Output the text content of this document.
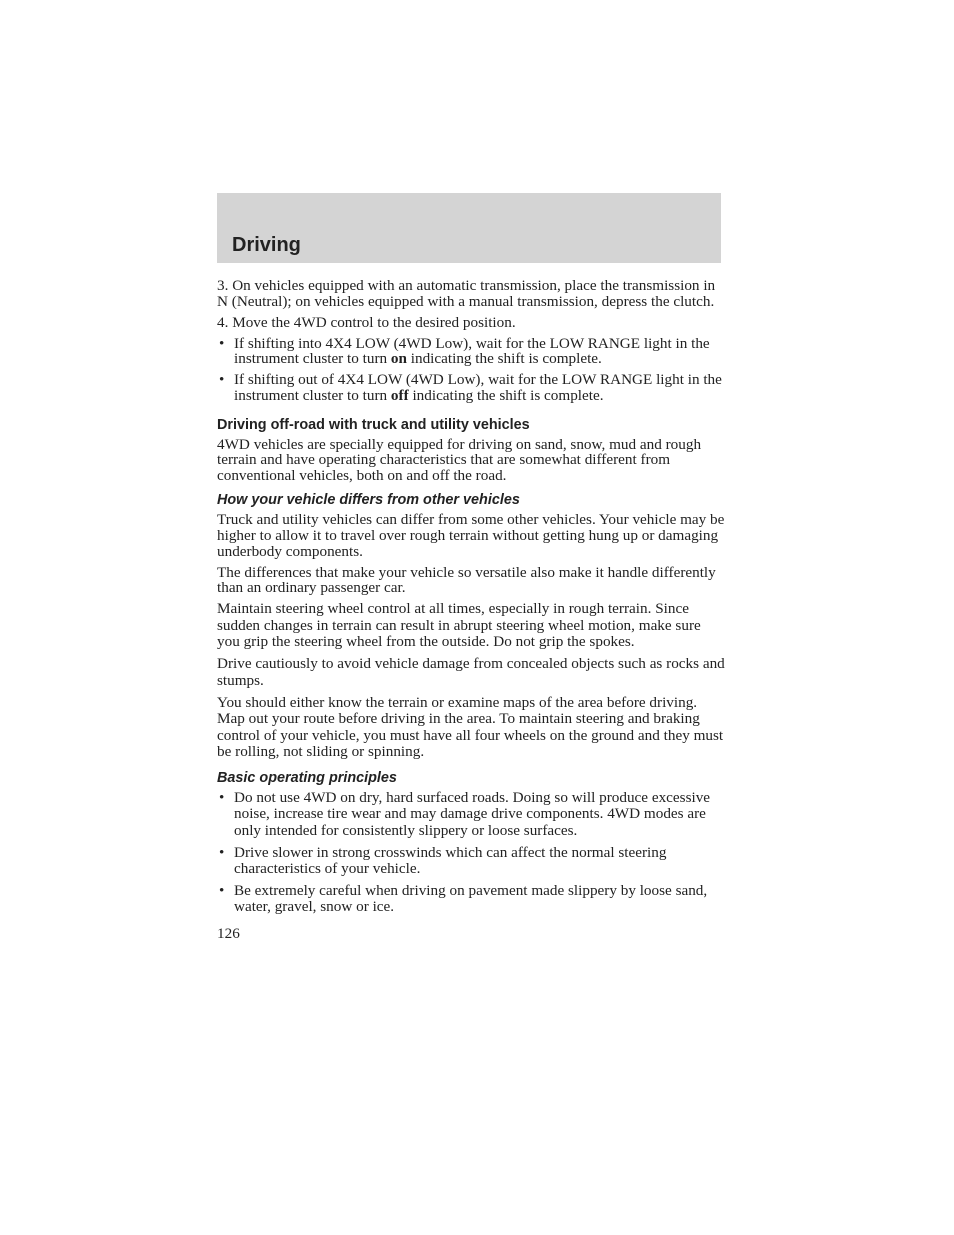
Driving

3. On vehicles equipped with an automatic transmission, place the transmission in N (Neutral); on vehicles equipped with a manual transmission, depress the clutch.

4. Move the 4WD control to the desired position.

• If shifting into 4X4 LOW (4WD Low), wait for the LOW RANGE light in the instrument cluster to turn on indicating the shift is complete.
• If shifting out of 4X4 LOW (4WD Low), wait for the LOW RANGE light in the instrument cluster to turn off indicating the shift is complete.
Driving off-road with truck and utility vehicles

4WD vehicles are specially equipped for driving on sand, snow, mud and rough terrain and have operating characteristics that are somewhat different from conventional vehicles, both on and off the road.

How your vehicle differs from other vehicles

Truck and utility vehicles can differ from some other vehicles. Your vehicle may be higher to allow it to travel over rough terrain without getting hung up or damaging underbody components.

The differences that make your vehicle so versatile also make it handle differently than an ordinary passenger car.

Maintain steering wheel control at all times, especially in rough terrain. Since sudden changes in terrain can result in abrupt steering wheel motion, make sure you grip the steering wheel from the outside. Do not grip the spokes.

Drive cautiously to avoid vehicle damage from concealed objects such as rocks and stumps.

You should either know the terrain or examine maps of the area before driving. Map out your route before driving in the area. To maintain steering and braking control of your vehicle, you must have all four wheels on the ground and they must be rolling, not sliding or spinning.

Basic operating principles
• Do not use 4WD on dry, hard surfaced roads. Doing so will produce excessive noise, increase tire wear and may damage drive components. 4WD modes are only intended for consistently slippery or loose surfaces.
• Drive slower in strong crosswinds which can affect the normal steering characteristics of your vehicle.
• Be extremely careful when driving on pavement made slippery by loose sand, water, gravel, snow or ice.

126
